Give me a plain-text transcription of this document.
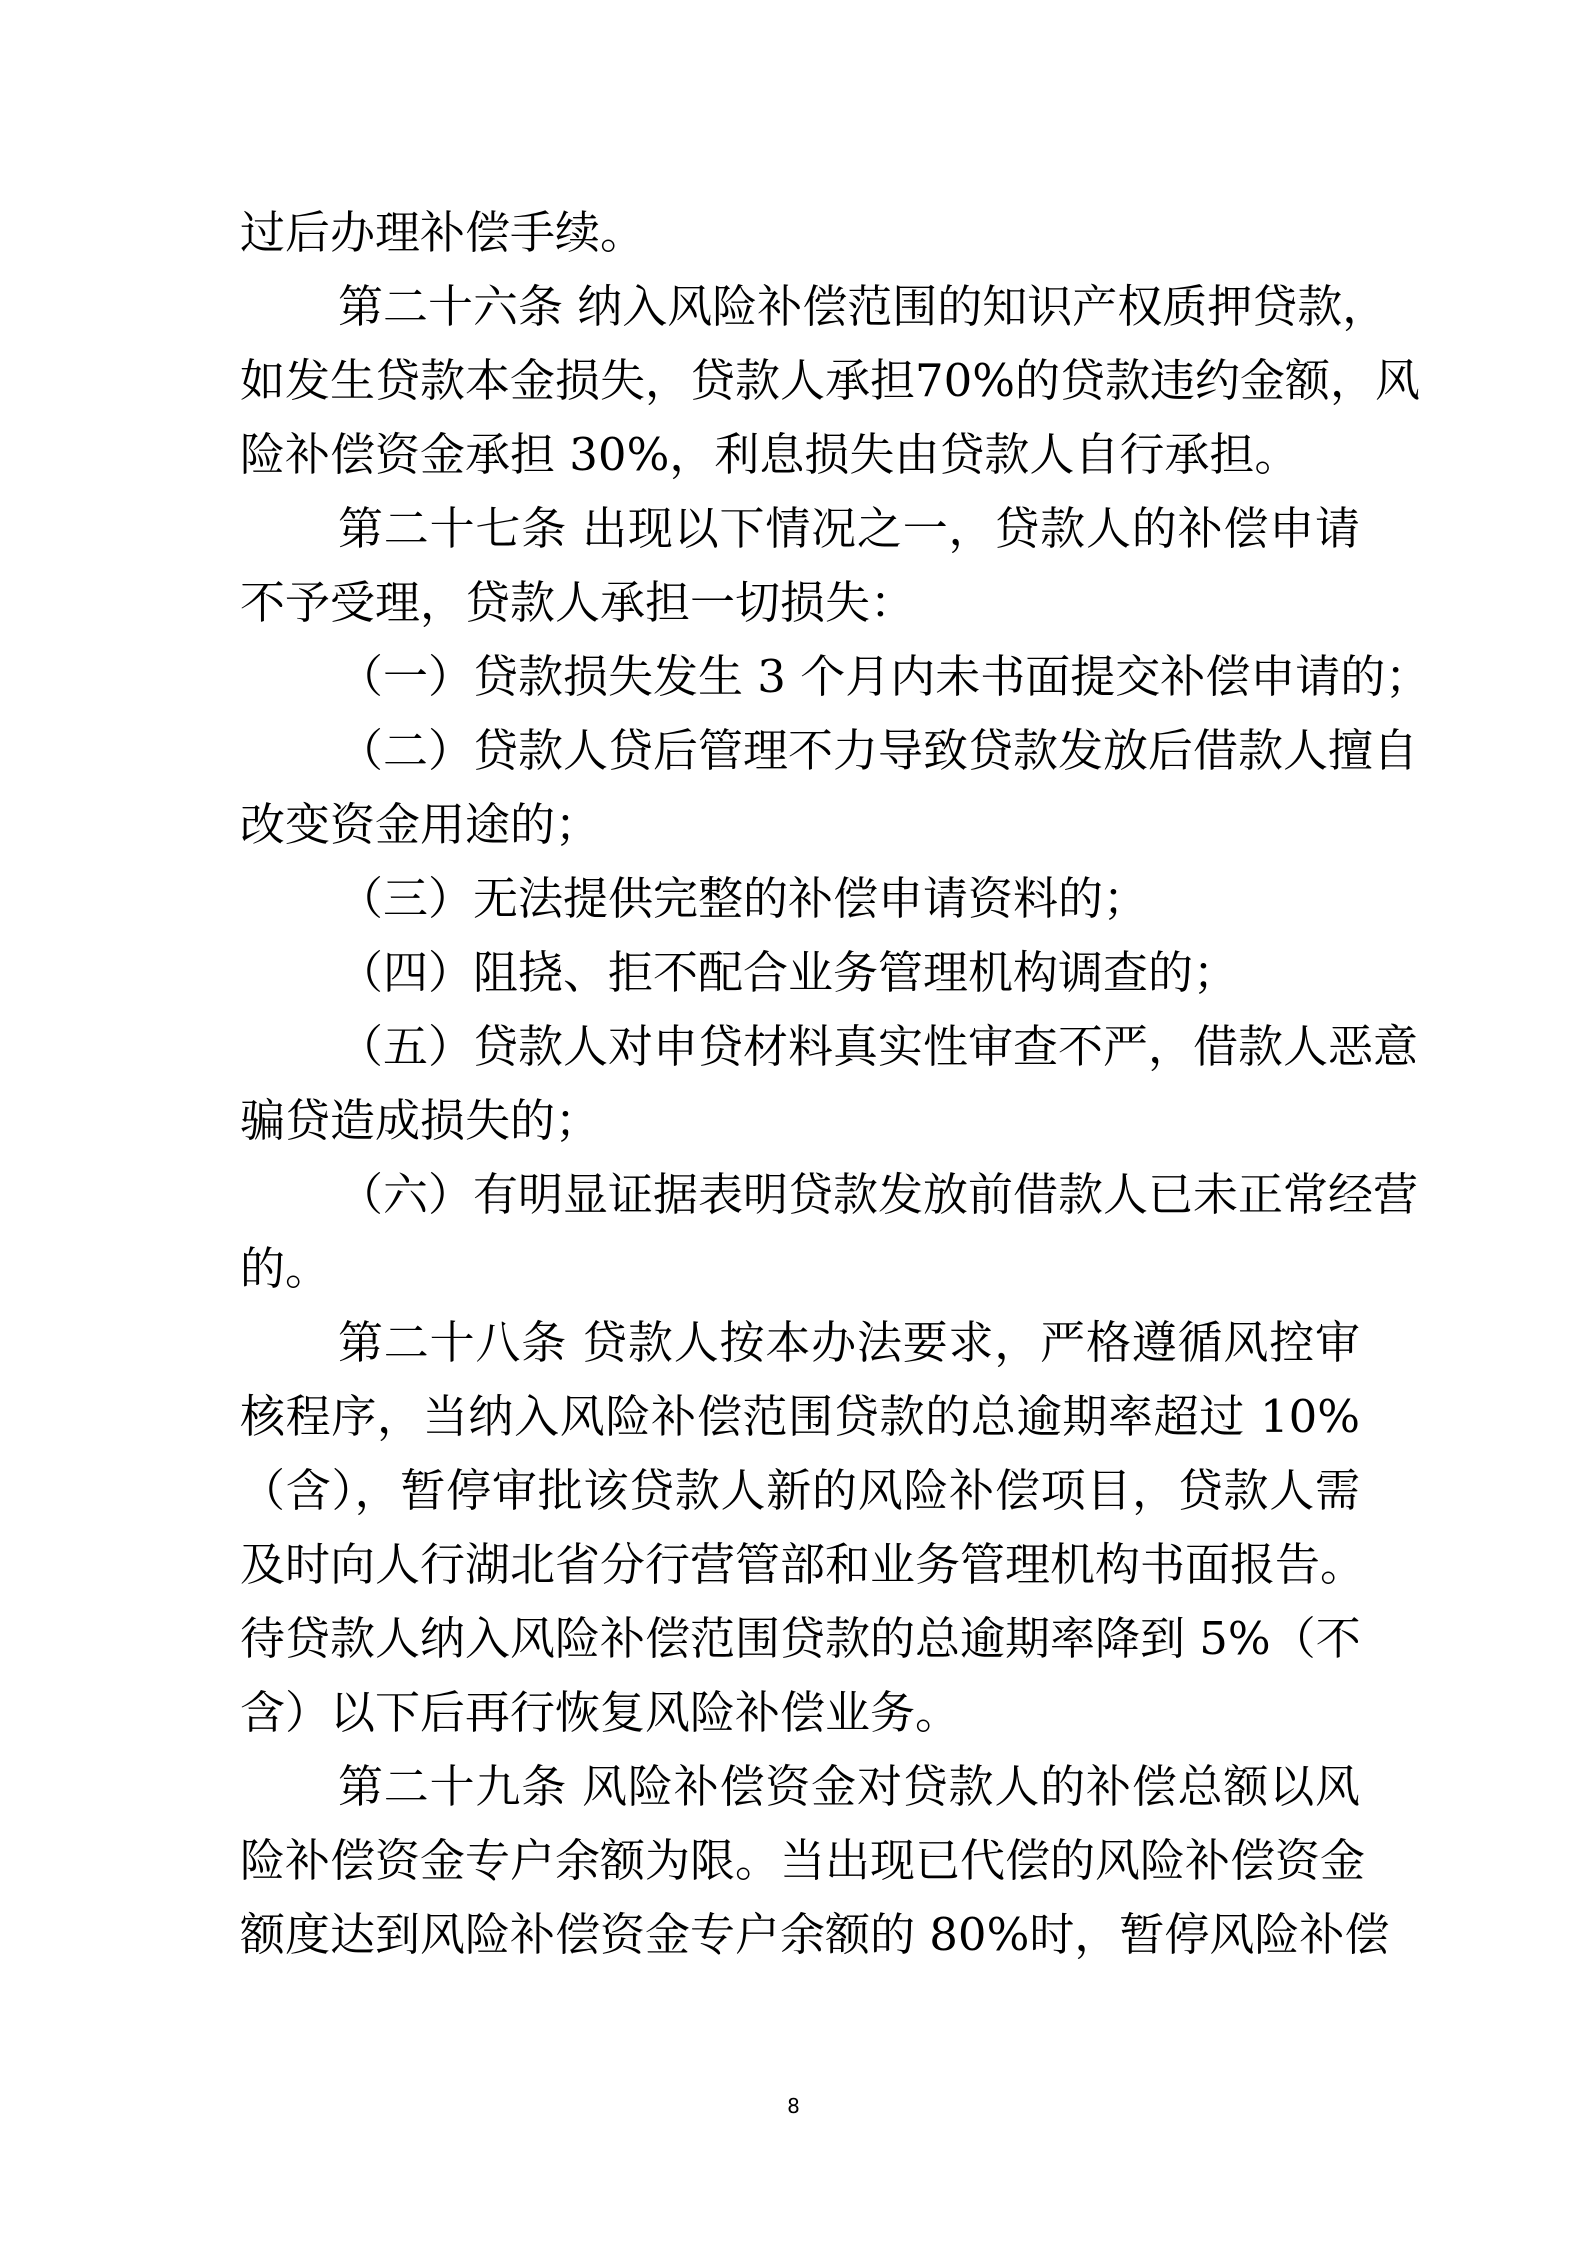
过后办理补偿手续。
第二十六条 纳入风险补偿范围的知识产权质押贷款，
如发生贷款本金损失，贷款人承担70%的贷款违约金额，风
险补偿资金承担 30%，利息损失由贷款人自行承担。
第二十七条 出现以下情况之一，贷款人的补偿申请
不予受理，贷款人承担一切损失：
（一）贷款损失发生 3 个月内未书面提交补偿申请的；
（二）贷款人贷后管理不力导致贷款发放后借款人擅自
改变资金用途的；
（三）无法提供完整的补偿申请资料的；
（四）阻挠、拒不配合业务管理机构调查的；
（五）贷款人对申贷材料真实性审查不严，借款人恶意
骗贷造成损失的；
（六）有明显证据表明贷款发放前借款人已未正常经营
的。
第二十八条 贷款人按本办法要求，严格遵循风控审
核程序，当纳入风险补偿范围贷款的总逾期率超过 10%
（含），暂停审批该贷款人新的风险补偿项目，贷款人需
及时向人行湖北省分行营管部和业务管理机构书面报告。
待贷款人纳入风险补偿范围贷款的总逾期率降到 5%（不
含）以下后再行恢复风险补偿业务。
第二十九条 风险补偿资金对贷款人的补偿总额以风
险补偿资金专户余额为限。当出现已代偿的风险补偿资金
额度达到风险补偿资金专户余额的 80%时，暂停风险补偿
8
